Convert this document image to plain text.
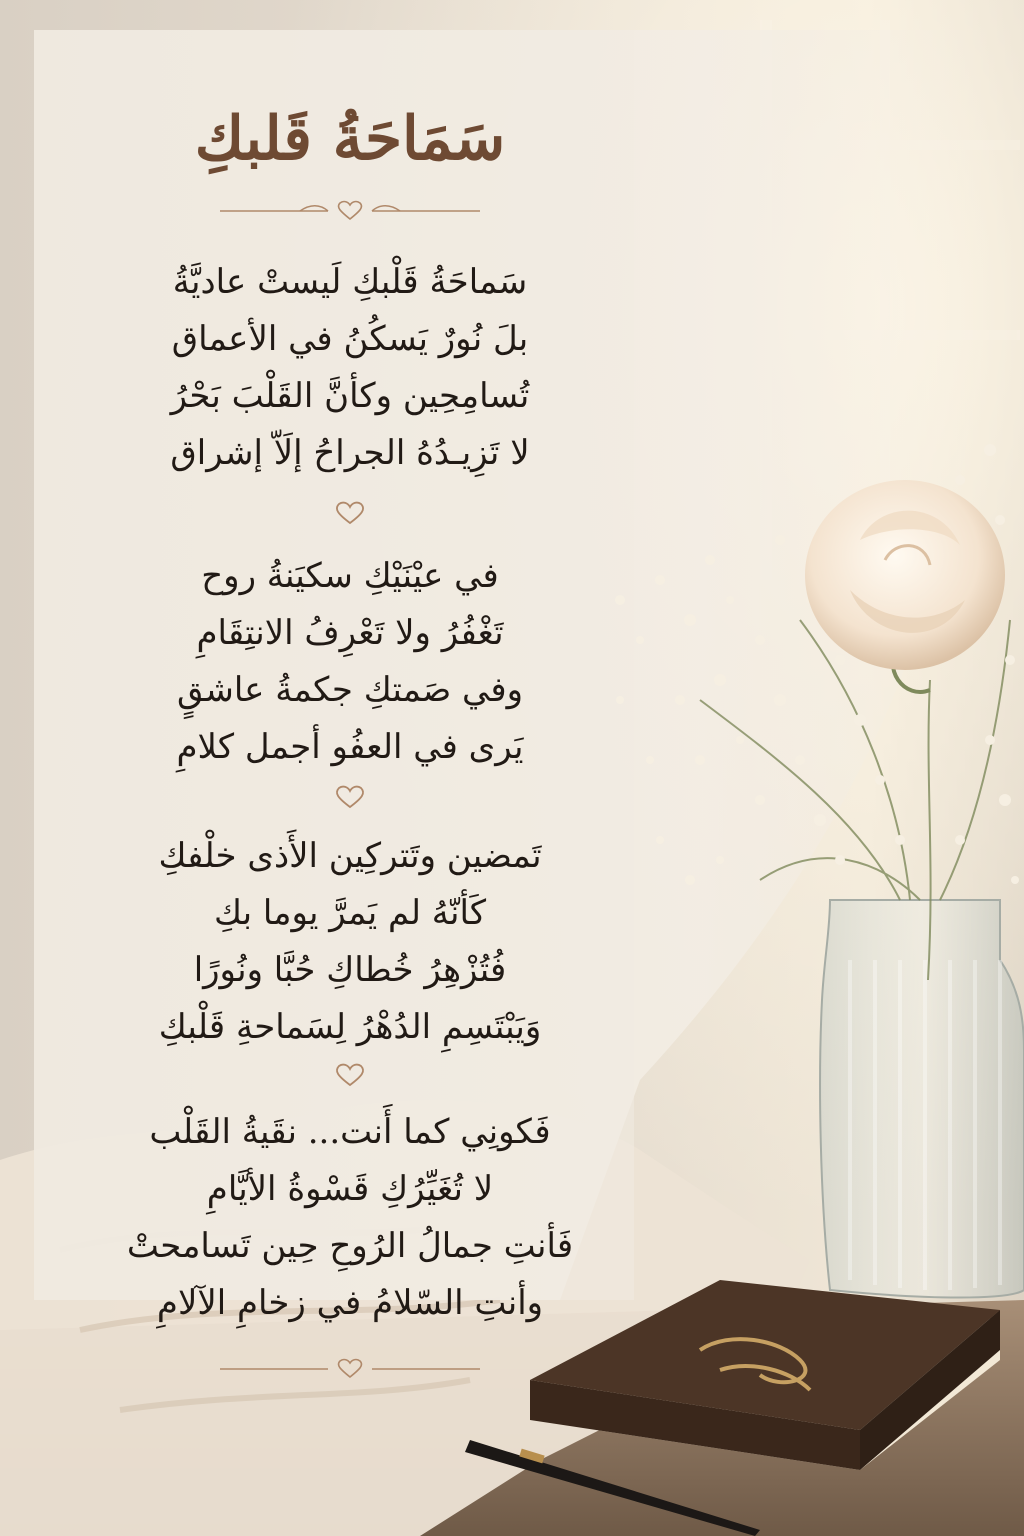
سَمَاحَةُ قَلبكِ
سَماحَةُ قَلْبكِ لَيستْ عاديَّةُ
بلَ نُورٌ يَسكُنُ في الأعماق
تُسامِحِين وكأنَّ القَلْبَ بَحْرُ
لا تَزِيـدُهُ الجراحُ إلَاّ إشراق
في عيْنَيْكِ سكيَنةُ روح
تَغْفُرُ ولا تَعْرِفُ الانتِقَامِ
وفي صَمتكِ جكمةُ عاشقٍ
يَرى في العفُو أجمل كلامِ
تَمضين وتَتركِين الأَذى خلْفكِ
كَأنّهُ لم يَمرَّ يوما بكِ
فُتُزْهِرُ خُطاكِ حُبَّا ونُورًا
وَيَبْتَسِمِ الدُهْرُ لِسَماحةِ قَلْبكِ
فَكونِي كما أَنت... نقَيةُ القَلْب
لا تُغَيِّرُكِ قَسْوةُ الأيَّامِ
فَأنتِ جمالُ الرُوحِ حِين تَسامحتْ
وأنتِ السّلامُ في زخامِ الآلامِ
